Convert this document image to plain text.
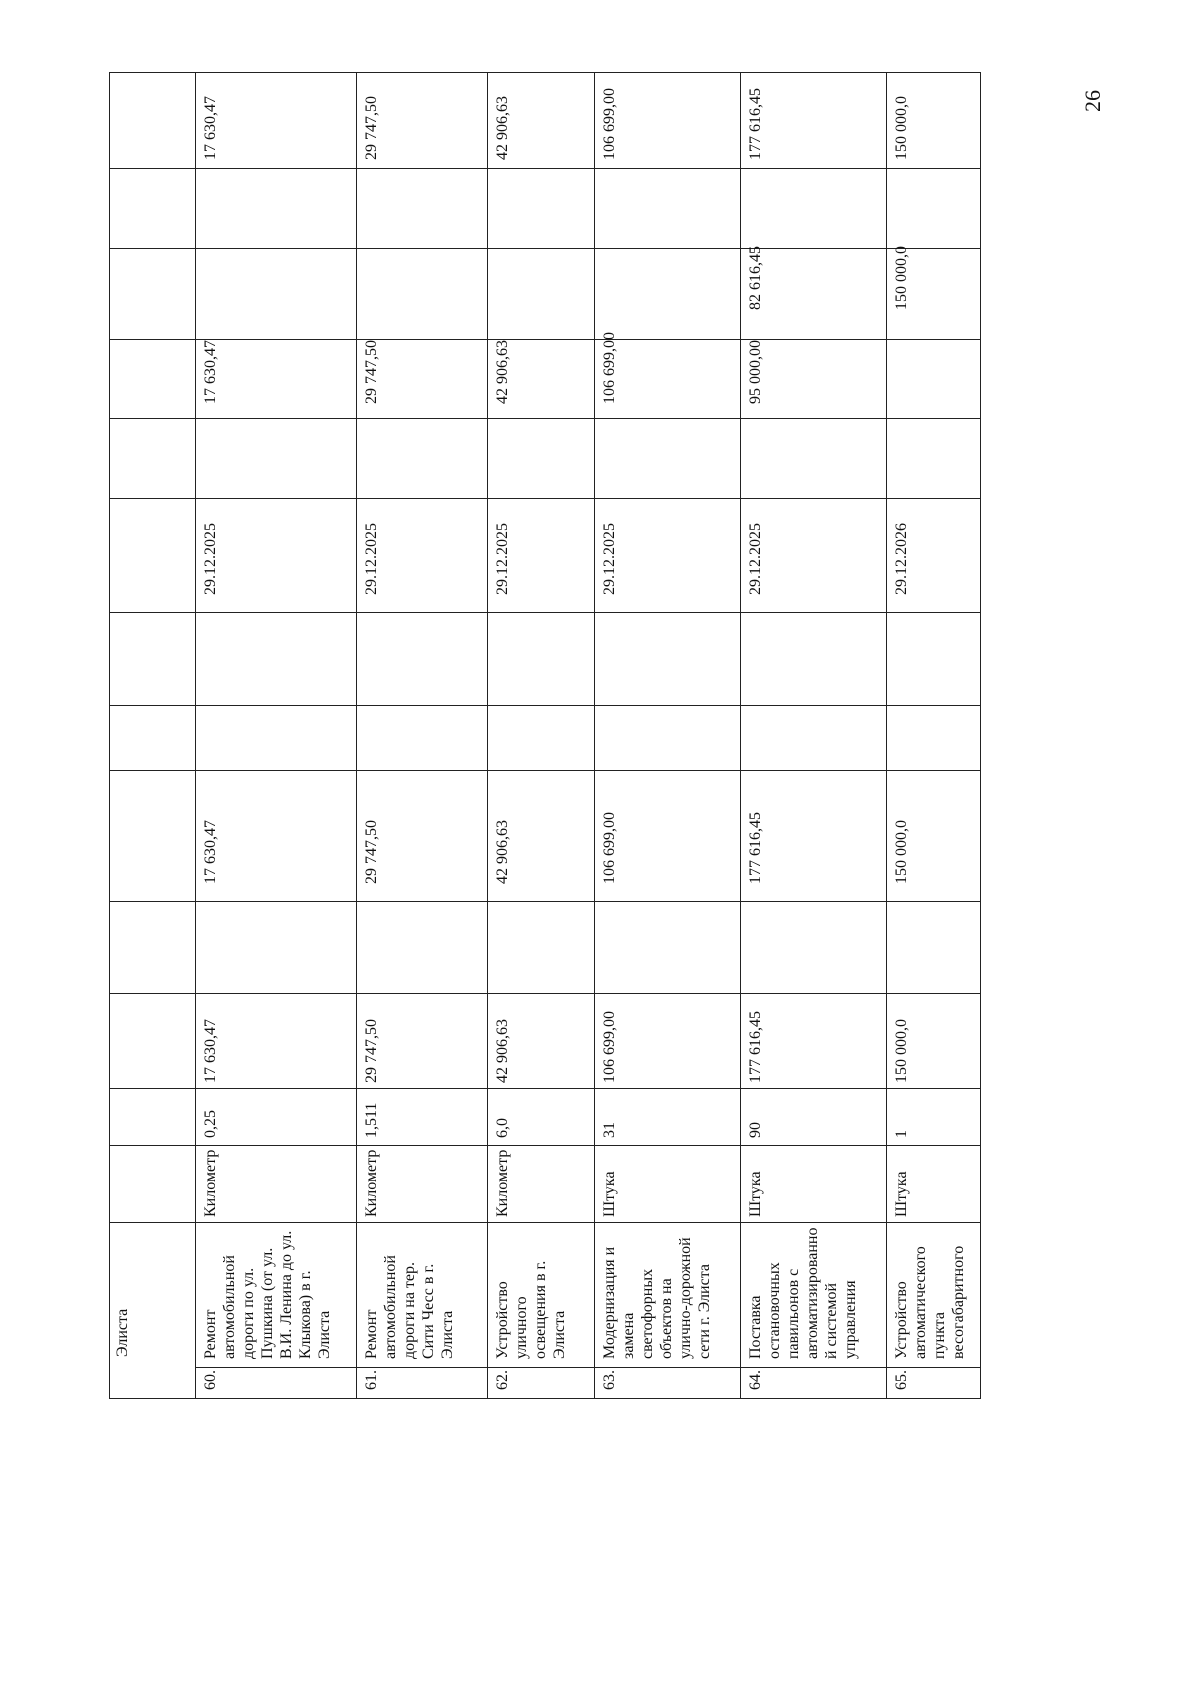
Элиста
60.
Ремонт
автомобильной
дороги по ул.
Пушкина (от ул.
В.И. Ленина до ул.
Клыкова) в г.
Элиста
Километр
0,25
17 630,47
17 630,47
29.12.2025
17 630,47
17 630,47
61.
Ремонт
автомобильной
дороги на тер.
Сити Чесс в г.
Элиста
Километр
1,511
29 747,50
29 747,50
29.12.2025
29 747,50
29 747,50
62.
Устройство
уличного
освещения в г.
Элиста
Километр
6,0
42 906,63
42 906,63
29.12.2025
42 906,63
42 906,63
63.
Модернизация и
замена
светофорных
объектов на
улично-дорожной
сети г. Элиста
Штука
31
106 699,00
106 699,00
29.12.2025
106 699,00
106 699,00
64.
Поставка
остановочных
павильонов с
автоматизированно
й системой
управления
Штука
90
177 616,45
177 616,45
29.12.2025
95 000,00
82 616,45
177 616,45
65.
Устройство
автоматического
пункта
весогабаритного
Штука
1
150 000,0
150 000,0
29.12.2026
150 000,0
150 000,0	26
